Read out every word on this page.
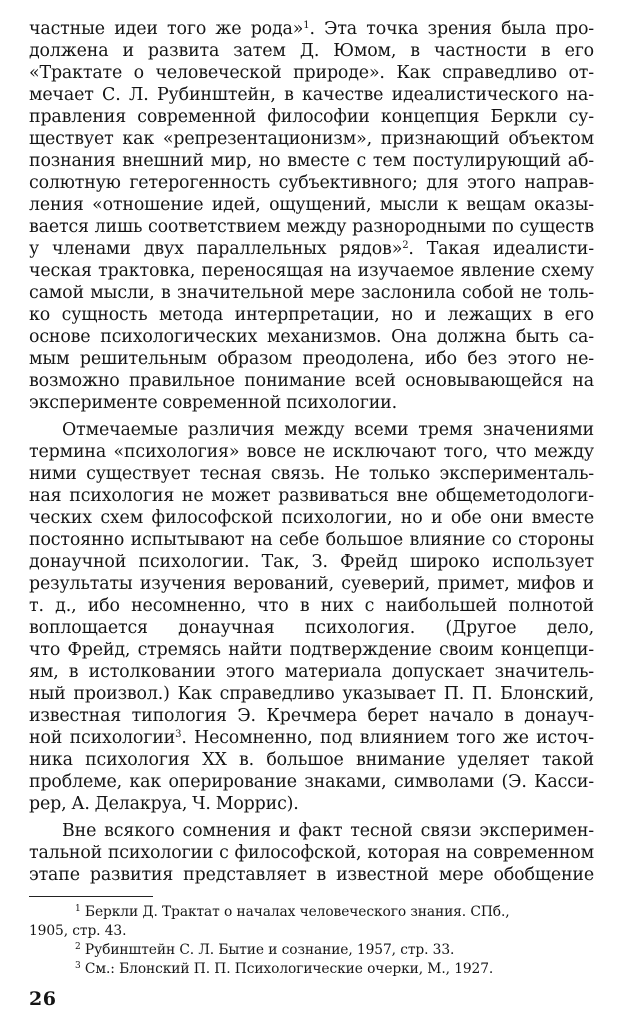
частные идеи того же рода»$^1$. Эта точка зрения была про-
должена и развита затем Д. Юмом, в частности в его
«Трактате о человеческой природе». Как справедливо от-
мечает С. Л. Рубинштейн, в качестве идеалистического на-
правления современной философии концепция Беркли су-
ществует как «репрезентационизм», признающий объектом
познания внешний мир, но вместе с тем постулирующий аб-
солютную гетерогенность субъективного; для этого направ-
ления «отношение идей, ощущений, мысли к вещам оказы-
вается лишь соответствием между разнородными по существ
у членами двух параллельных рядов»$^2$. Такая идеалисти-
ческая трактовка, переносящая на изучаемое явление схему
самой мысли, в значительной мере заслонила собой не толь-
ко сущность метода интерпретации, но и лежащих в его
основе психологических механизмов. Она должна быть са-
мым решительным образом преодолена, ибо без этого не-
возможно правильное понимание всей основывающейся на
эксперименте современной психологии.
Отмечаемые различия между всеми тремя значениями
термина «психология» вовсе не исключают того, что между
ними существует тесная связь. Не только эксперименталь-
ная психология не может развиваться вне общеметодологи-
ческих схем философской психологии, но и обе они вместе
постоянно испытывают на себе большое влияние со стороны
донаучной психологии. Так, З. Фрейд широко использует
результаты изучения верований, суеверий, примет, мифов и
т. д., ибо несомненно, что в них с наибольшей полнотой
воплощается донаучная психология. (Другое дело,
что Фрейд, стремясь найти подтверждение своим концепци-
ям, в истолковании этого материала допускает значитель-
ный произвол.) Как справедливо указывает П. П. Блонский,
известная типология Э. Кречмера берет начало в донауч-
ной психологии$^3$. Несомненно, под влиянием того же источ-
ника психология XX в. большое внимание уделяет такой
проблеме, как оперирование знаками, символами (Э. Касси-
рер, А. Делакруа, Ч. Моррис).
Вне всякого сомнения и факт тесной связи эксперимен-
тальной психологии с философской, которая на современном
этапе развития представляет в известной мере обобщение
$^1$ Беркли Д. Трактат о началах человеческого знания. СПб.,
1905, стр. 43.
$^2$ Рубинштейн С. Л. Бытие и сознание, 1957, стр. 33.
$^3$ См.: Блонский П. П. Психологические очерки, М., 1927.
26
